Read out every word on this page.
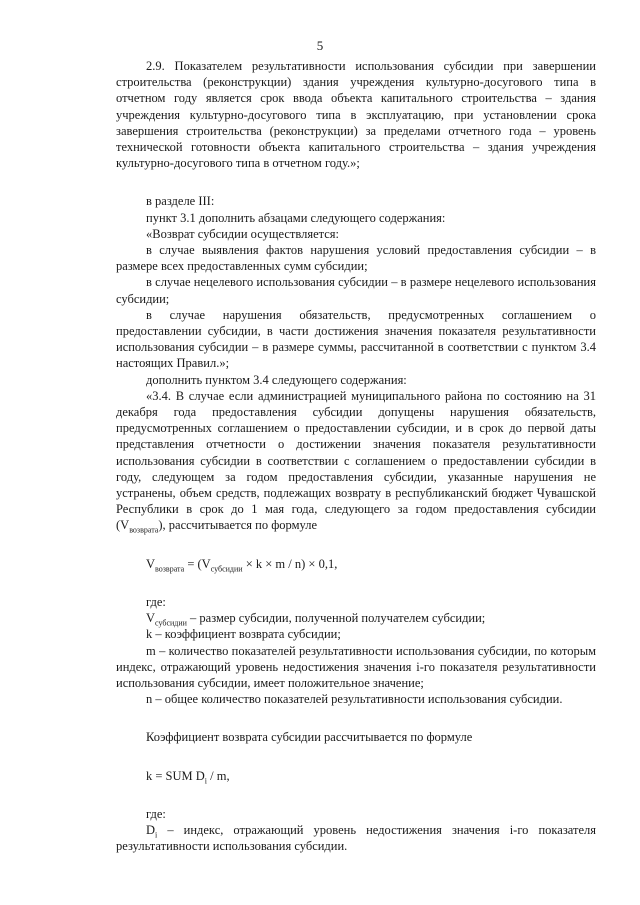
5

2.9. Показателем результативности использования субсидии при завершении строительства (реконструкции) здания учреждения культурно-досугового типа в отчетном году является срок ввода объекта капитального строительства – здания учреждения культурно-досугового типа в эксплуатацию, при установлении срока завершения строительства (реконструкции) за пределами отчетного года – уровень технической готовности объекта капитального строительства – здания учреждения культурно-досугового типа в отчетном году.»;

в разделе III:

пункт 3.1 дополнить абзацами следующего содержания:

«Возврат субсидии осуществляется:

в случае выявления фактов нарушения условий предоставления субсидии – в размере всех предоставленных сумм субсидии;

в случае нецелевого использования субсидии – в размере нецелевого использования субсидии;

в случае нарушения обязательств, предусмотренных соглашением о предоставлении субсидии, в части достижения значения показателя результативности использования субсидии – в размере суммы, рассчитанной в соответствии с пунктом 3.4 настоящих Правил.»;

дополнить пунктом 3.4 следующего содержания:

«3.4. В случае если администрацией муниципального района по состоянию на 31 декабря года предоставления субсидии допущены нарушения обязательств, предусмотренных соглашением о предоставлении субсидии, и в срок до первой даты представления отчетности о достижении значения показателя результативности использования субсидии в соответствии с соглашением о предоставлении субсидии в году, следующем за годом предоставления субсидии, указанные нарушения не устранены, объем средств, подлежащих возврату в республиканский бюджет Чувашской Республики в срок до 1 мая года, следующего за годом предоставления субсидии $(V_{возврата})$, рассчитывается по формуле

$V_{возврата} = (V_{субсидии} \times k \times m / n) \times 0,1$,

где:

$V_{субсидии}$ – размер субсидии, полученной получателем субсидии;

k – коэффициент возврата субсидии;

m – количество показателей результативности использования субсидии, по которым индекс, отражающий уровень недостижения значения i-го показателя результативности использования субсидии, имеет положительное значение;

n – общее количество показателей результативности использования субсидии.

Коэффициент возврата субсидии рассчитывается по формуле

k = SUM $D_i$ / m,

где:

$D_i$ – индекс, отражающий уровень недостижения значения i-го показателя результативности использования субсидии.
